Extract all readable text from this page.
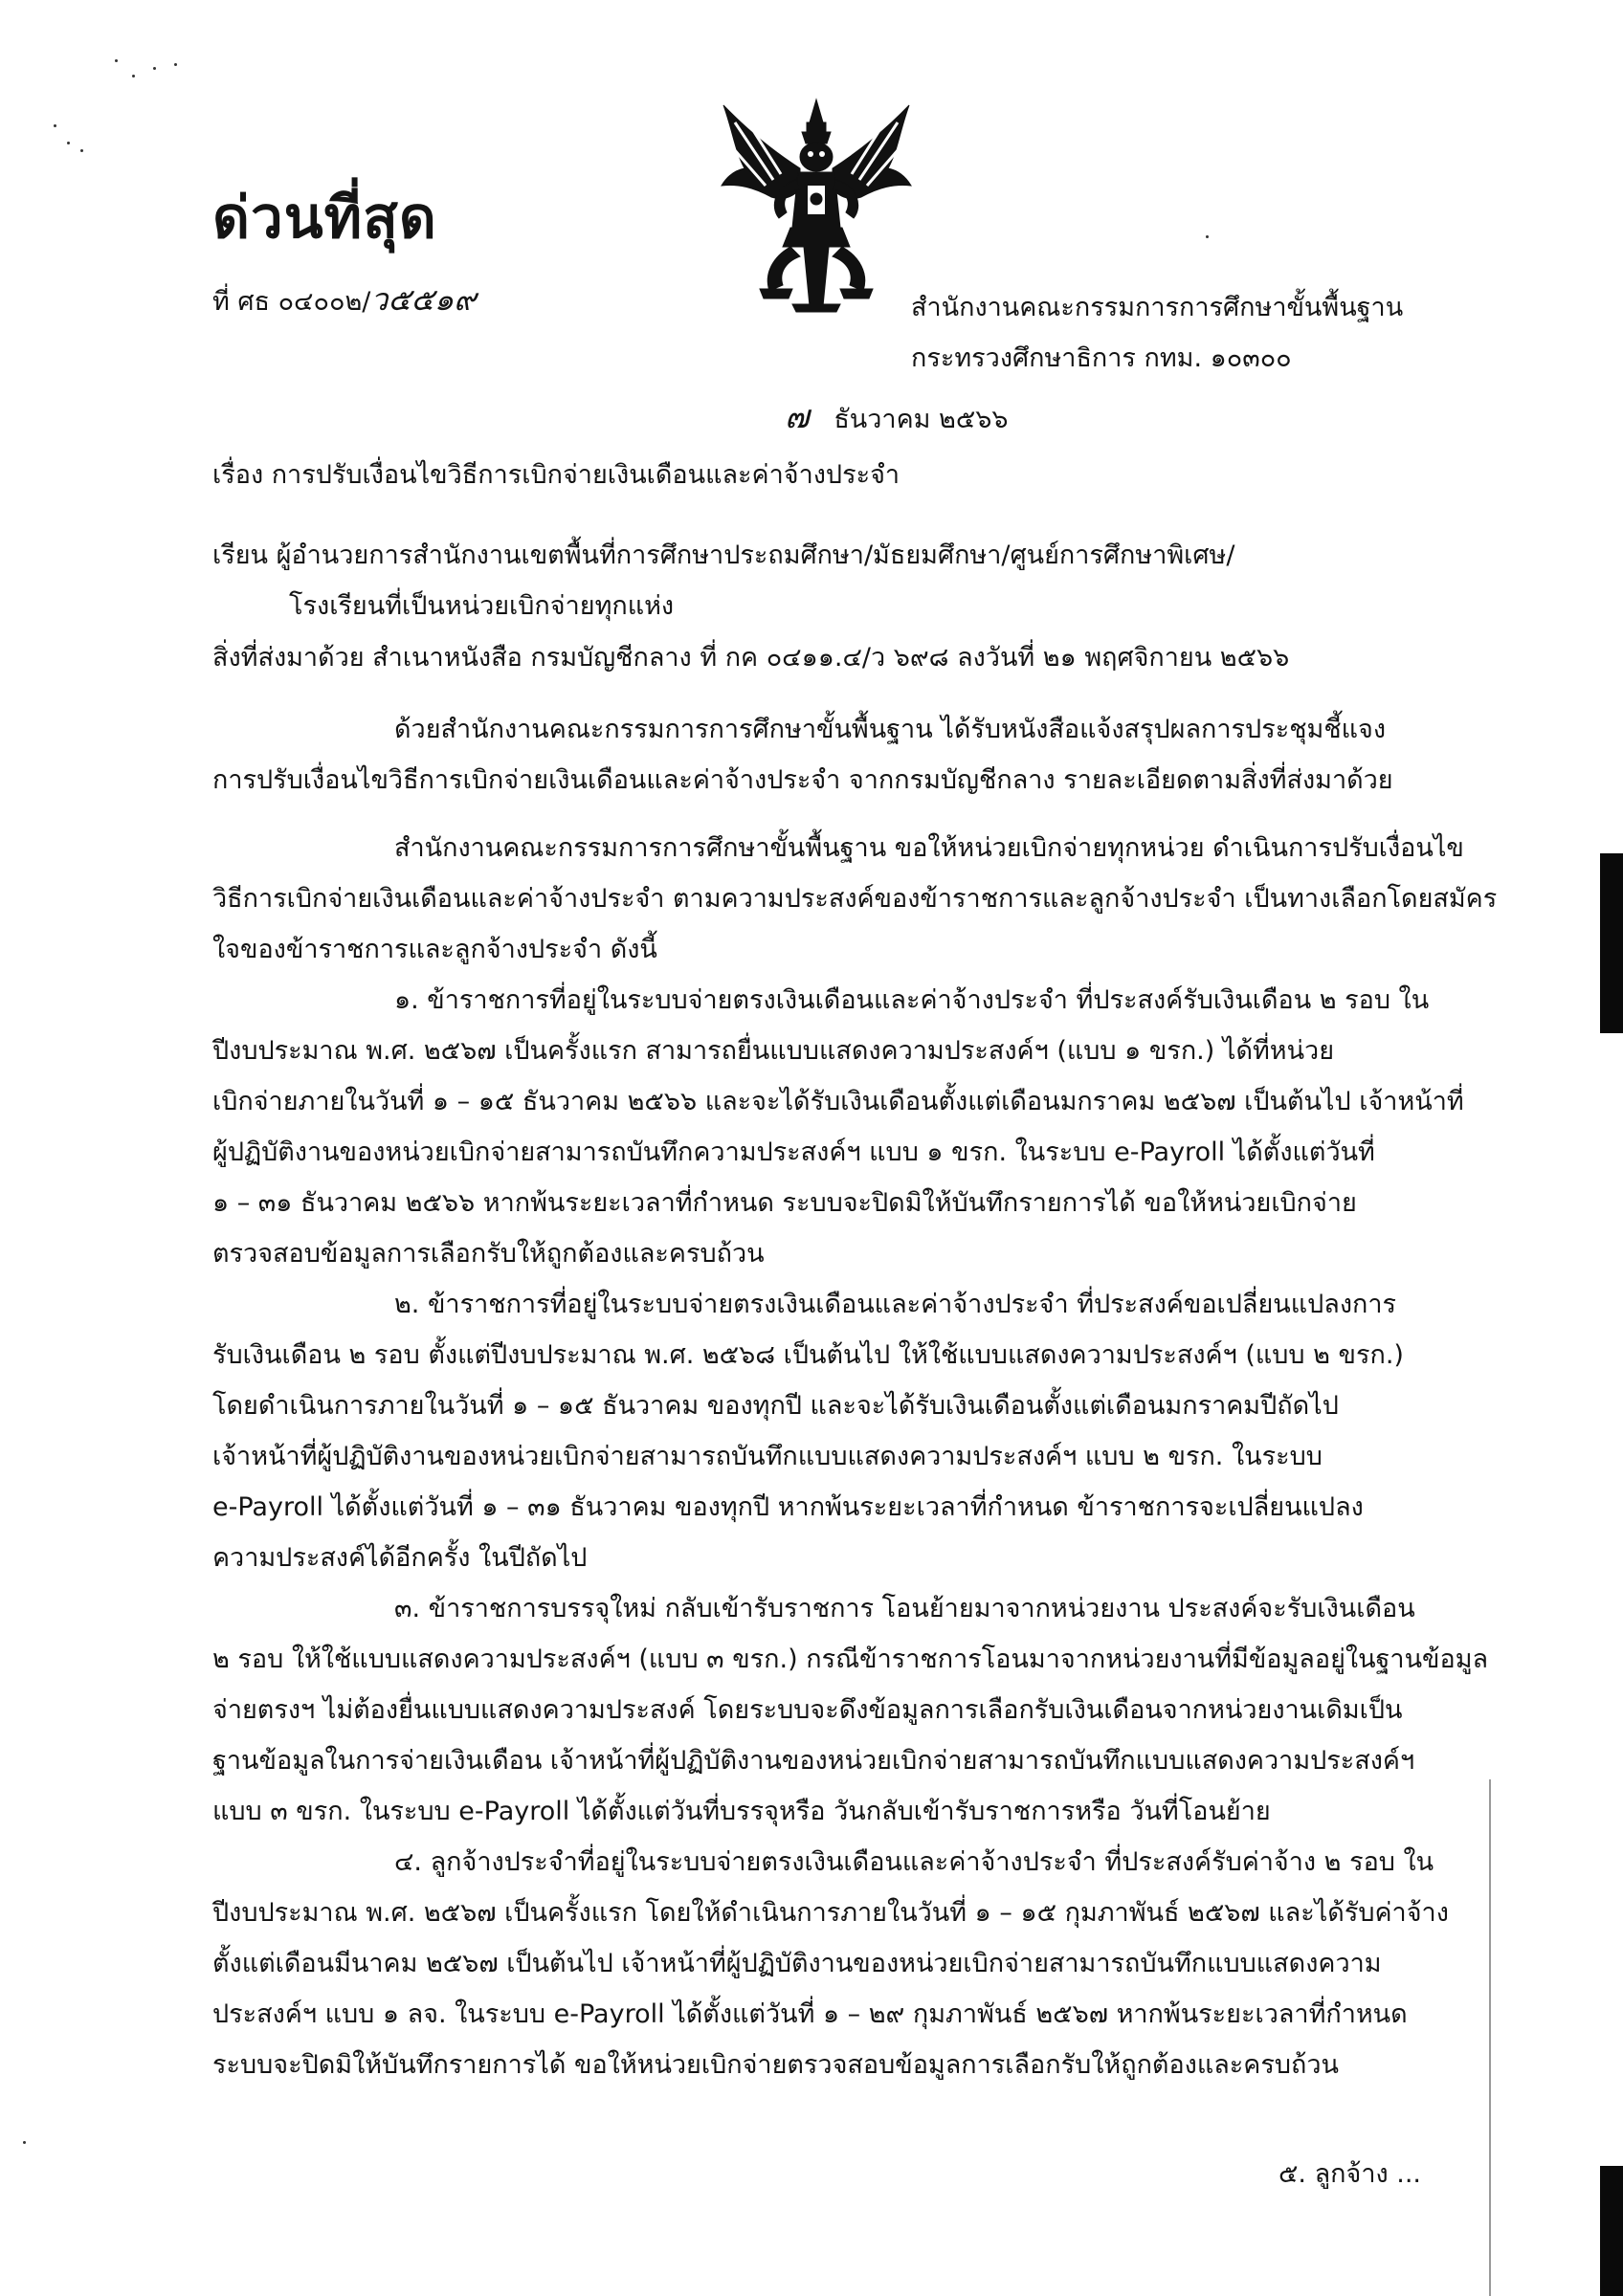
ด่วนที่สุด
ที่ ศธ ๐๔๐๐๒/ว๕๕๑๙	สำนักงานคณะกรรมการการศึกษาขั้นพื้นฐาน
กระทรวงศึกษาธิการ กทม. ๑๐๓๐๐
๗ ธันวาคม ๒๕๖๖
เรื่อง การปรับเงื่อนไขวิธีการเบิกจ่ายเงินเดือนและค่าจ้างประจำ
เรียน ผู้อำนวยการสำนักงานเขตพื้นที่การศึกษาประถมศึกษา/มัธยมศึกษา/ศูนย์การศึกษาพิเศษ/
โรงเรียนที่เป็นหน่วยเบิกจ่ายทุกแห่ง
สิ่งที่ส่งมาด้วย สำเนาหนังสือ กรมบัญชีกลาง ที่ กค ๐๔๑๑.๔/ว ๖๙๘ ลงวันที่ ๒๑ พฤศจิกายน ๒๕๖๖

ด้วยสำนักงานคณะกรรมการการศึกษาขั้นพื้นฐาน ได้รับหนังสือแจ้งสรุปผลการประชุมชี้แจง

การปรับเงื่อนไขวิธีการเบิกจ่ายเงินเดือนและค่าจ้างประจำ จากกรมบัญชีกลาง รายละเอียดตามสิ่งที่ส่งมาด้วย

สำนักงานคณะกรรมการการศึกษาขั้นพื้นฐาน ขอให้หน่วยเบิกจ่ายทุกหน่วย ดำเนินการปรับเงื่อนไข

วิธีการเบิกจ่ายเงินเดือนและค่าจ้างประจำ ตามความประสงค์ของข้าราชการและลูกจ้างประจำ เป็นทางเลือกโดยสมัคร

ใจของข้าราชการและลูกจ้างประจำ ดังนี้

๑. ข้าราชการที่อยู่ในระบบจ่ายตรงเงินเดือนและค่าจ้างประจำ ที่ประสงค์รับเงินเดือน ๒ รอบ ใน

ปีงบประมาณ พ.ศ. ๒๕๖๗ เป็นครั้งแรก สามารถยื่นแบบแสดงความประสงค์ฯ (แบบ ๑ ขรก.) ได้ที่หน่วย

เบิกจ่ายภายในวันที่ ๑ – ๑๕ ธันวาคม ๒๕๖๖ และจะได้รับเงินเดือนตั้งแต่เดือนมกราคม ๒๕๖๗ เป็นต้นไป เจ้าหน้าที่

ผู้ปฏิบัติงานของหน่วยเบิกจ่ายสามารถบันทึกความประสงค์ฯ แบบ ๑ ขรก. ในระบบ e-Payroll ได้ตั้งแต่วันที่

๑ – ๓๑ ธันวาคม ๒๕๖๖ หากพ้นระยะเวลาที่กำหนด ระบบจะปิดมิให้บันทึกรายการได้ ขอให้หน่วยเบิกจ่าย

ตรวจสอบข้อมูลการเลือกรับให้ถูกต้องและครบถ้วน

๒. ข้าราชการที่อยู่ในระบบจ่ายตรงเงินเดือนและค่าจ้างประจำ ที่ประสงค์ขอเปลี่ยนแปลงการ

รับเงินเดือน ๒ รอบ ตั้งแต่ปีงบประมาณ พ.ศ. ๒๕๖๘ เป็นต้นไป ให้ใช้แบบแสดงความประสงค์ฯ (แบบ ๒ ขรก.)

โดยดำเนินการภายในวันที่ ๑ – ๑๕ ธันวาคม ของทุกปี และจะได้รับเงินเดือนตั้งแต่เดือนมกราคมปีถัดไป

เจ้าหน้าที่ผู้ปฏิบัติงานของหน่วยเบิกจ่ายสามารถบันทึกแบบแสดงความประสงค์ฯ แบบ ๒ ขรก. ในระบบ

e-Payroll ได้ตั้งแต่วันที่ ๑ – ๓๑ ธันวาคม ของทุกปี หากพ้นระยะเวลาที่กำหนด ข้าราชการจะเปลี่ยนแปลง

ความประสงค์ได้อีกครั้ง ในปีถัดไป

๓. ข้าราชการบรรจุใหม่ กลับเข้ารับราชการ โอนย้ายมาจากหน่วยงาน ประสงค์จะรับเงินเดือน

๒ รอบ ให้ใช้แบบแสดงความประสงค์ฯ (แบบ ๓ ขรก.) กรณีข้าราชการโอนมาจากหน่วยงานที่มีข้อมูลอยู่ในฐานข้อมูล

จ่ายตรงฯ ไม่ต้องยื่นแบบแสดงความประสงค์ โดยระบบจะดึงข้อมูลการเลือกรับเงินเดือนจากหน่วยงานเดิมเป็น

ฐานข้อมูลในการจ่ายเงินเดือน เจ้าหน้าที่ผู้ปฏิบัติงานของหน่วยเบิกจ่ายสามารถบันทึกแบบแสดงความประสงค์ฯ

แบบ ๓ ขรก. ในระบบ e-Payroll ได้ตั้งแต่วันที่บรรจุหรือ วันกลับเข้ารับราชการหรือ วันที่โอนย้าย

๔. ลูกจ้างประจำที่อยู่ในระบบจ่ายตรงเงินเดือนและค่าจ้างประจำ ที่ประสงค์รับค่าจ้าง ๒ รอบ ใน

ปีงบประมาณ พ.ศ. ๒๕๖๗ เป็นครั้งแรก โดยให้ดำเนินการภายในวันที่ ๑ – ๑๕ กุมภาพันธ์ ๒๕๖๗ และได้รับค่าจ้าง

ตั้งแต่เดือนมีนาคม ๒๕๖๗ เป็นต้นไป เจ้าหน้าที่ผู้ปฏิบัติงานของหน่วยเบิกจ่ายสามารถบันทึกแบบแสดงความ

ประสงค์ฯ แบบ ๑ ลจ. ในระบบ e-Payroll ได้ตั้งแต่วันที่ ๑ – ๒๙ กุมภาพันธ์ ๒๕๖๗ หากพ้นระยะเวลาที่กำหนด

ระบบจะปิดมิให้บันทึกรายการได้ ขอให้หน่วยเบิกจ่ายตรวจสอบข้อมูลการเลือกรับให้ถูกต้องและครบถ้วน

๕. ลูกจ้าง ...
